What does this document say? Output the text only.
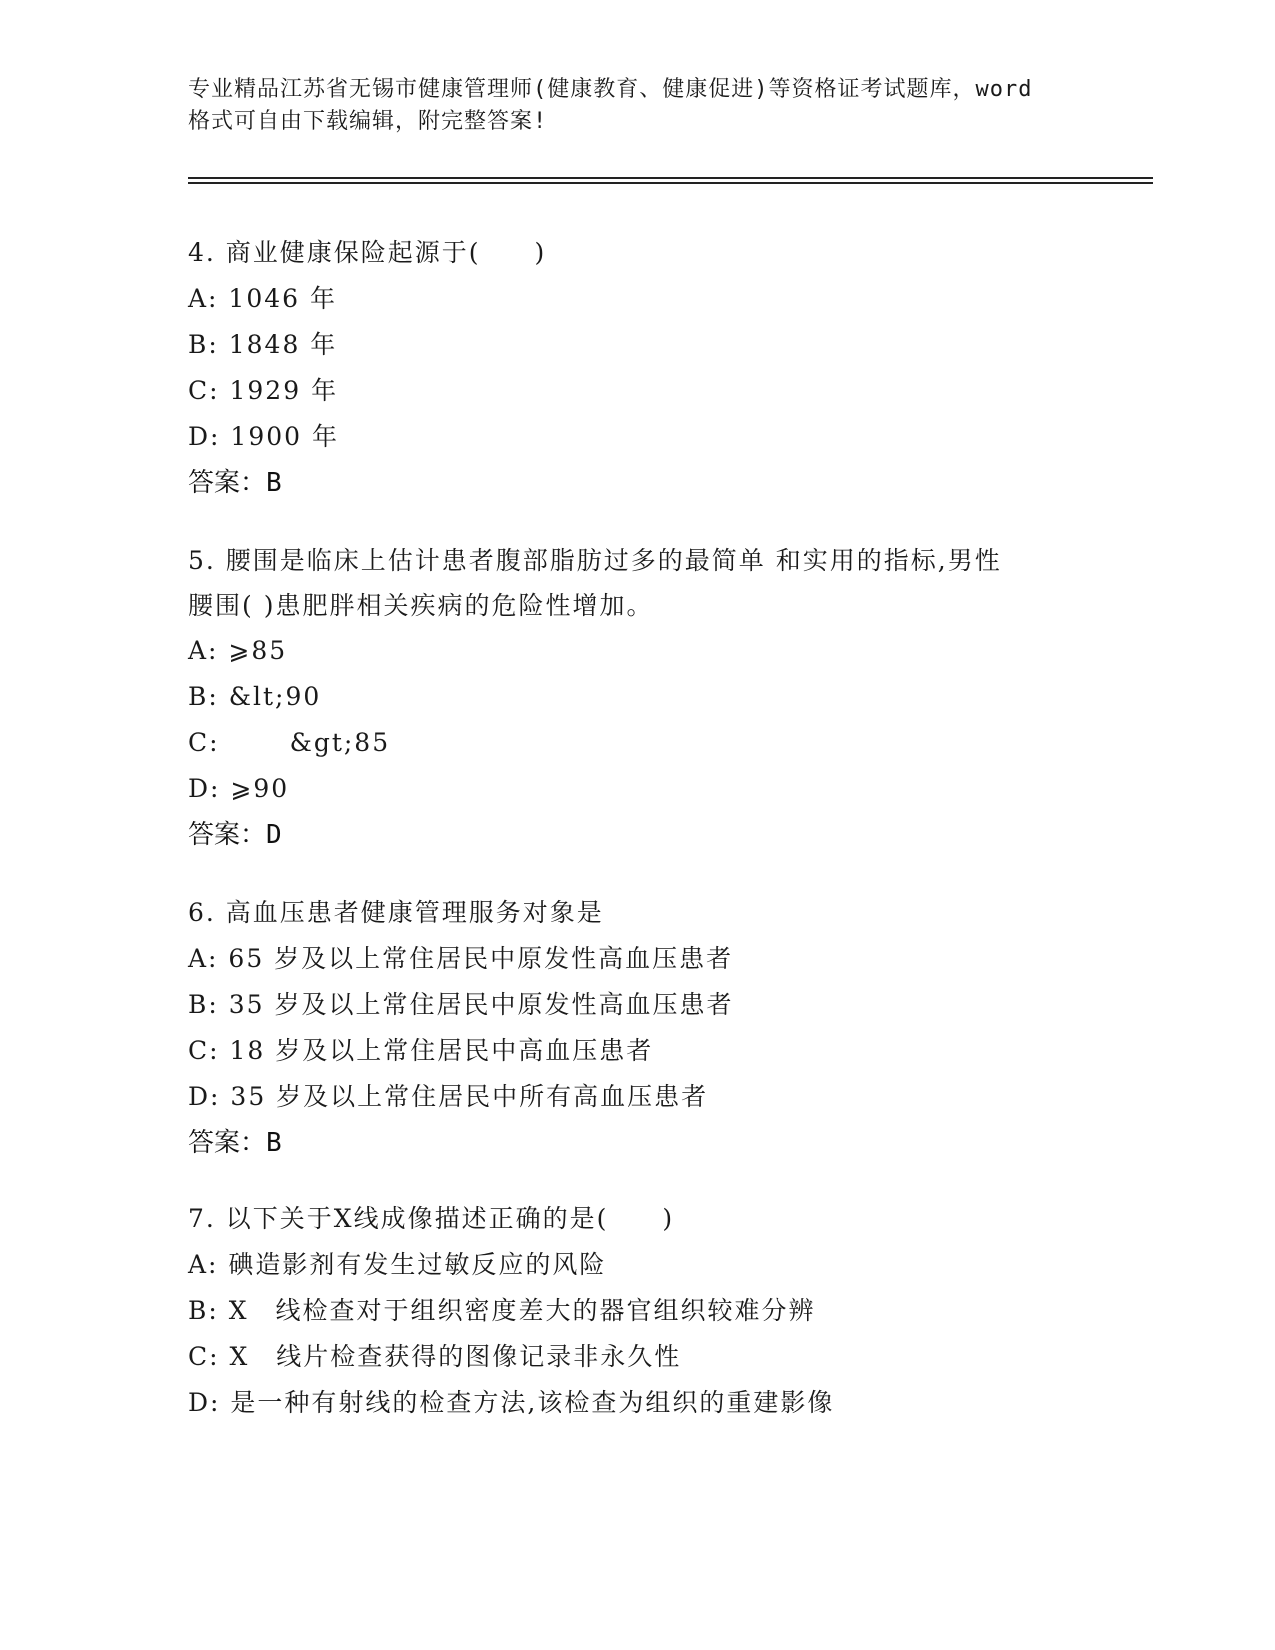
专业精品江苏省无锡市健康管理师(健康教育、健康促进)等资格证考试题库，word
格式可自由下载编辑，附完整答案!
4. 商业健康保险起源于(　　)
A: 1046 年
B: 1848 年
C: 1929 年
D: 1900 年
答案：B
5. 腰围是临床上估计患者腹部脂肪过多的最简单 和实用的指标,男性
腰围( )患肥胖相关疾病的危险性增加。
A: ⩾85
B: &lt;90
C:	&gt;85
D: ⩾90
答案：D
6. 高血压患者健康管理服务对象是
A: 65 岁及以上常住居民中原发性高血压患者
B: 35 岁及以上常住居民中原发性高血压患者
C: 18 岁及以上常住居民中高血压患者
D: 35 岁及以上常住居民中所有高血压患者
答案：B
7. 以下关于X线成像描述正确的是(　　)
A: 碘造影剂有发生过敏反应的风险
B: X　线检查对于组织密度差大的器官组织较难分辨
C: X　线片检查获得的图像记录非永久性
D: 是一种有射线的检查方法,该检查为组织的重建影像
